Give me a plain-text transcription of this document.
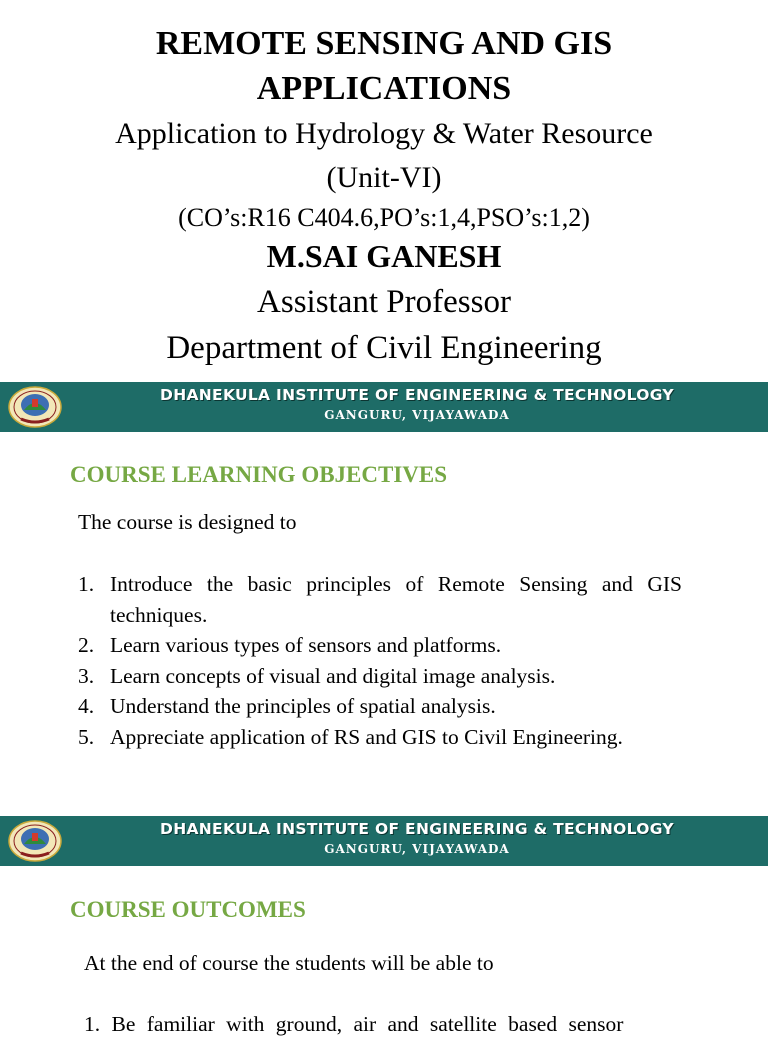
REMOTE SENSING AND GIS
APPLICATIONS
Application to Hydrology & Water Resource
(Unit-VI)
(CO’s:R16 C404.6,PO’s:1,4,PSO’s:1,2)
M.SAI GANESH
Assistant Professor
Department of Civil Engineering
DHANEKULA INSTITUTE OF ENGINEERING & TECHNOLOGY
GANGURU, VIJAYAWADA
COURSE LEARNING OBJECTIVES
The course is designed to
1. Introduce the basic principles of Remote Sensing and GIS techniques.
2. Learn various types of sensors and platforms.
3. Learn concepts of visual and digital image analysis.
4. Understand the principles of spatial analysis.
5. Appreciate application of RS and GIS to Civil Engineering.
DHANEKULA INSTITUTE OF ENGINEERING & TECHNOLOGY
GANGURU, VIJAYAWADA
COURSE OUTCOMES
At the end of course the students will be able to
1. Be familiar with ground, air and satellite based sensor
